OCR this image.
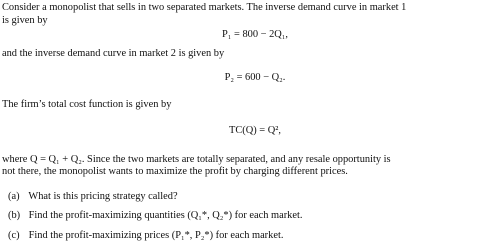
Consider a monopolist that sells in two separated markets. The inverse demand curve in market 1
is given by
P₁ = 800 − 2Q₁,
and the inverse demand curve in market 2 is given by
P₂ = 600 − Q₂.
The firm’s total cost function is given by
TC(Q) = Q²,
where Q = Q₁ + Q₂. Since the two markets are totally separated, and any resale opportunity is
not there, the monopolist wants to maximize the profit by charging different prices.
(a) What is this pricing strategy called?
(b) Find the profit-maximizing quantities (Q₁*, Q₂*) for each market.
(c) Find the profit-maximizing prices (P₁*, P₂*) for each market.
